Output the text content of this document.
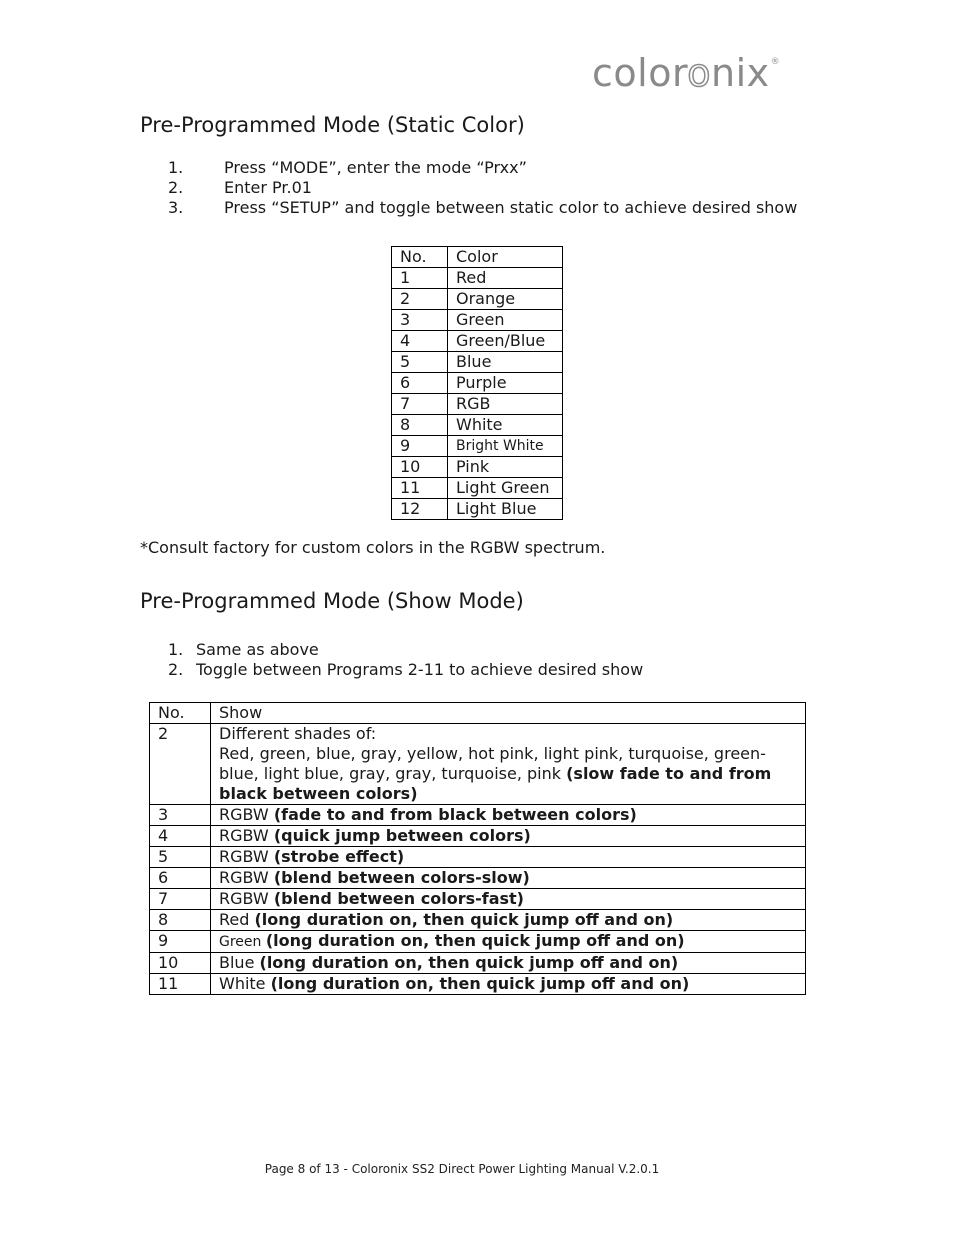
coloronix®
Pre-Programmed Mode (Static Color)
1.	Press “MODE”, enter the mode “Prxx”
2.	Enter Pr.01
3.	Press “SETUP” and toggle between static color to achieve desired show
No.	Color
1	Red
2	Orange
3	Green
4	Green/Blue
5	Blue
6	Purple
7	RGB
8	White
9	Bright White
10	Pink
11	Light Green
12	Light Blue
*Consult factory for custom colors in the RGBW spectrum.
Pre-Programmed Mode (Show Mode)
1. Same as above
2. Toggle between Programs 2-11 to achieve desired show
No.	Show
2	Different shades of:
Red, green, blue, gray, yellow, hot pink, light pink, turquoise, green-blue, light blue, gray, gray, turquoise, pink (slow fade to and from black between colors)
3	RGBW (fade to and from black between colors)
4	RGBW (quick jump between colors)
5	RGBW (strobe effect)
6	RGBW (blend between colors-slow)
7	RGBW (blend between colors-fast)
8	Red (long duration on, then quick jump off and on)
9	Green (long duration on, then quick jump off and on)
10	Blue (long duration on, then quick jump off and on)
11	White (long duration on, then quick jump off and on)
Page 8 of 13 - Coloronix SS2 Direct Power Lighting Manual V.2.0.1
